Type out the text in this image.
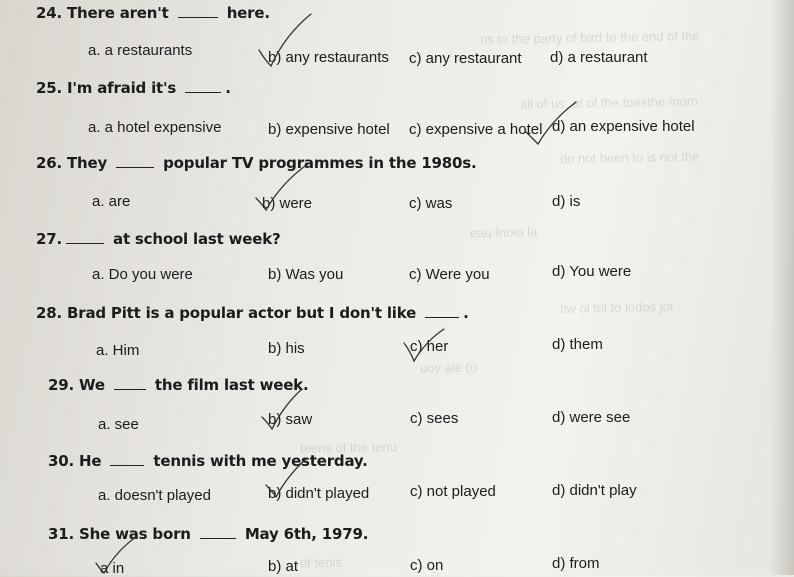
ns to the party of bird to the end of the
all of us. at of the toesthe mom
do not been to is not the
eau fnoio la
tiw ol tol to lodos jot
uoy ale (o
teens of the tenu
of tenis
24. There aren't	here.
a. a restaurants	b) any restaurants c) any restaurant d) a restaurant
25. I'm afraid it's	.
a. a hotel expensive	b) expensive hotel c) expensive a hotel d) an expensive hotel
26. They	popular TV programmes in the 1980s.
a. are	b) were	c) was	d) is
27.	at school last week?
a. Do you were	b) Was you	c) Were you	d) You were
28. Brad Pitt is a popular actor but I don't like	.
a. Him	b) his	c) her	d) them
29. We	the film last week.
a. see	b) saw	c) sees	d) were see
30. He	tennis with me yesterday.
a. doesn't played	b) didn't played	c) not played	d) didn't play
31. She was born	May 6th, 1979.
a in	b) at	c) on	d) from
